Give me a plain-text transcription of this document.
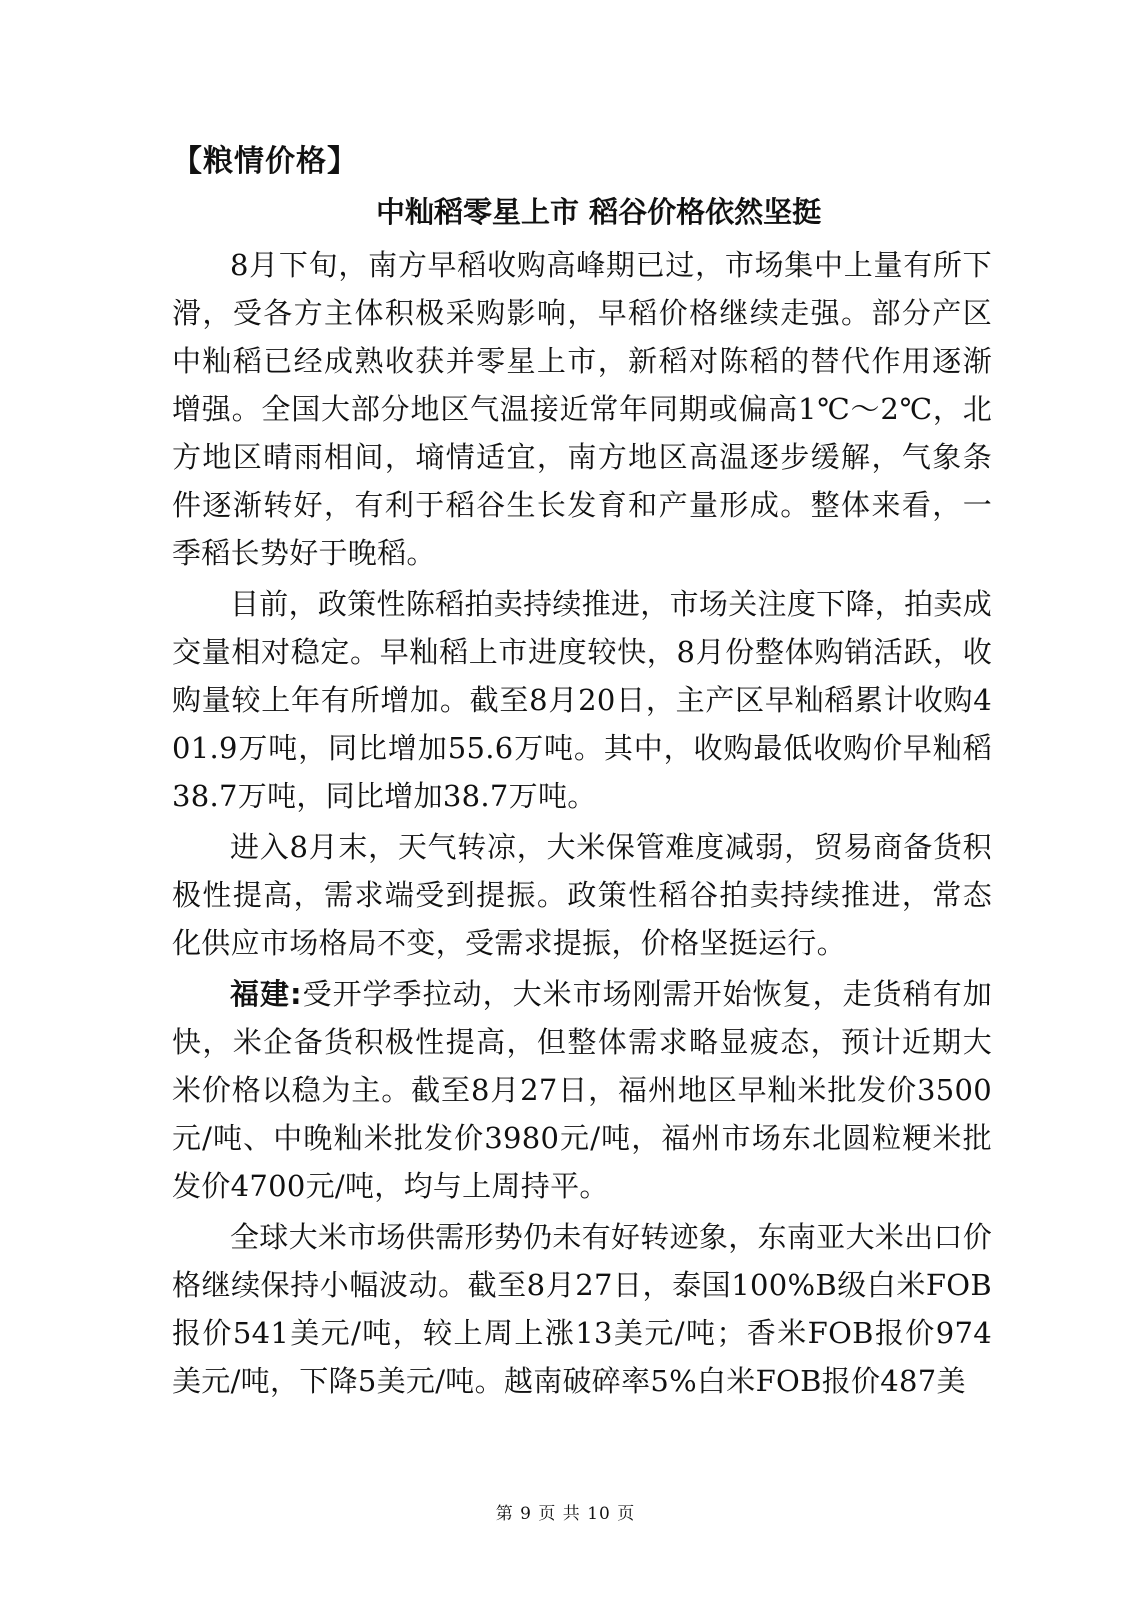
【粮情价格】
中籼稻零星上市 稻谷价格依然坚挺

8月下旬，南方早稻收购高峰期已过，市场集中上量有所下滑，受各方主体积极采购影响，早稻价格继续走强。部分产区中籼稻已经成熟收获并零星上市，新稻对陈稻的替代作用逐渐增强。全国大部分地区气温接近常年同期或偏高1℃～2℃，北方地区晴雨相间，墒情适宜，南方地区高温逐步缓解，气象条件逐渐转好，有利于稻谷生长发育和产量形成。整体来看，一季稻长势好于晚稻。

目前，政策性陈稻拍卖持续推进，市场关注度下降，拍卖成交量相对稳定。早籼稻上市进度较快，8月份整体购销活跃，收购量较上年有所增加。截至8月20日，主产区早籼稻累计收购401.9万吨，同比增加55.6万吨。其中，收购最低收购价早籼稻38.7万吨，同比增加38.7万吨。

进入8月末，天气转凉，大米保管难度减弱，贸易商备货积极性提高，需求端受到提振。政策性稻谷拍卖持续推进，常态化供应市场格局不变，受需求提振，价格坚挺运行。

福建:受开学季拉动，大米市场刚需开始恢复，走货稍有加快，米企备货积极性提高，但整体需求略显疲态，预计近期大米价格以稳为主。截至8月27日，福州地区早籼米批发价3500元/吨、中晚籼米批发价3980元/吨，福州市场东北圆粒粳米批发价4700元/吨，均与上周持平。

全球大米市场供需形势仍未有好转迹象，东南亚大米出口价格继续保持小幅波动。截至8月27日，泰国100%B级白米FOB报价541美元/吨，较上周上涨13美元/吨；香米FOB报价974美元/吨，下降5美元/吨。越南破碎率5%白米FOB报价487美

第 9 页 共 10 页
